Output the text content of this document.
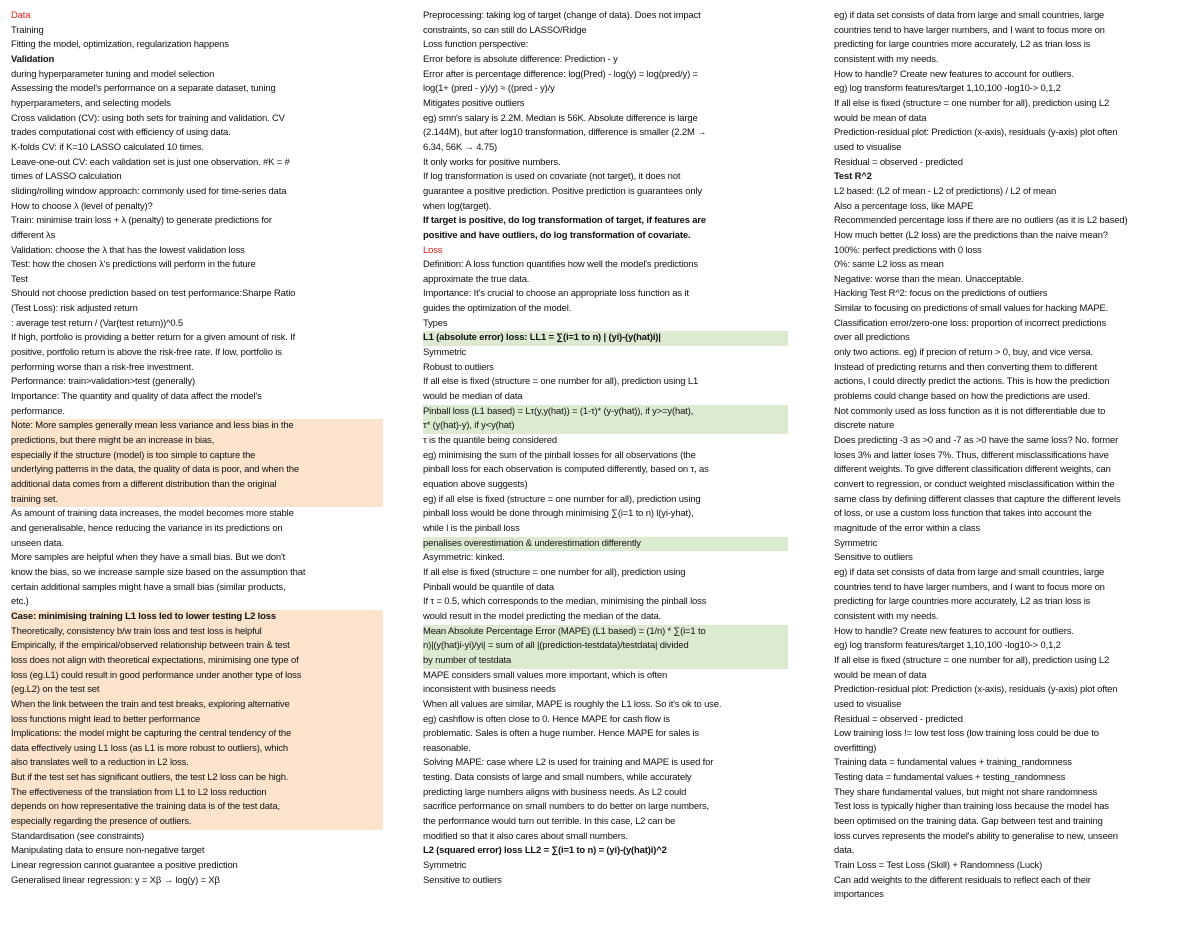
Data
Training
Fitting the model, optimization, regularization happens
Validation
during hyperparameter tuning and model selection
Assessing the model's performance on a separate dataset, tuning
hyperparameters, and selecting models
Cross validation (CV): using both sets for training and validation. CV
trades computational cost with efficiency of using data.
K-folds CV: if K=10 LASSO calculated 10 times.
Leave-one-out CV: each validation set is just one observation. #K = #
times of LASSO calculation
sliding/rolling window approach: commonly used for time-series data
How to choose λ (level of penalty)?
Train: minimise train loss + λ (penalty) to generate predictions for
different λs
Validation: choose the λ that has the lowest validation loss
Test: how the chosen λ's predictions will perform in the future
Test
Should not choose prediction based on test performance:Sharpe Ratio
(Test Loss): risk adjusted return
: average test return / (Var(test return))^0.5
If high, portfolio is providing a better return for a given amount of risk. If
positive, portfolio return is above the risk-free rate. If low, portfolio is
performing worse than a risk-free investment.
Performance: train>validation>test (generally)
Importance: The quantity and quality of data affect the model's
performance.
Note: More samples generally mean less variance and less bias in the
predictions, but there might be an increase in bias,
especially if the structure (model) is too simple to capture the
underlying patterns in the data, the quality of data is poor, and when the
additional data comes from a different distribution than the original
training set.
As amount of training data increases, the model becomes more stable
and generalisable, hence reducing the variance in its predictions on
unseen data.
More samples are helpful when they have a small bias. But we don't
know the bias, so we increase sample size based on the assumption that
certain additional samples might have a small bias (similar products,
etc.)
Case: minimising training L1 loss led to lower testing L2 loss
Theoretically, consistency b/w train loss and test loss is helpful
Empirically, if the empirical/observed relationship between train & test
loss does not align with theoretical expectations, minimising one type of
loss (eg.L1) could result in good performance under another type of loss
(eg.L2) on the test set
When the link between the train and test breaks, exploring alternative
loss functions might lead to better performance
Implications: the model might be capturing the central tendency of the
data effectively using L1 loss (as L1 is more robust to outliers), which
also translates well to a reduction in L2 loss.
But if the test set has significant outliers, the test L2 loss can be high.
The effectiveness of the translation from L1 to L2 loss reduction
depends on how representative the training data is of the test data,
especially regarding the presence of outliers.
Standardisation (see constraints)
Manipulating data to ensure non-negative target
Linear regression cannot guarantee a positive prediction
Generalised linear regression: y = Xβ → log(y) = Xβ
Preprocessing: taking log of target (change of data). Does not impact
constraints, so can still do LASSO/Ridge
Loss function perspective:
Error before is absolute difference: Prediction - y
Error after is percentage difference: log(Pred) - log(y) = log(pred/y) =
log(1+ (pred - y)/y) ≈ ((pred - y)/y
Mitigates positive outliers
eg) smn's salary is 2.2M. Median is 56K. Absolute difference is large
(2.144M), but after log10 transformation, difference is smaller (2.2M →
6.34, 56K → 4.75)
It only works for positive numbers.
If log transformation is used on covariate (not target), it does not
guarantee a positive prediction. Positive prediction is guarantees only
when log(target).
If target is positive, do log transformation of target, if features are
positive and have outliers, do log transformation of covariate.
Loss
Definition: A loss function quantifies how well the model's predictions
approximate the true data.
Importance: It's crucial to choose an appropriate loss function as it
guides the optimization of the model.
Types
L1 (absolute error) loss: LL1 = ∑(i=1 to n) | (yi)-(y(hat)i)|
Symmetric
Robust to outliers
If all else is fixed (structure = one number for all), prediction using L1
would be median of data
Pinball loss (L1 based) = Lτ(y,y(hat)) = (1-τ)* (y-y(hat)), if y>=y(hat),
τ* (y(hat)-y), if y<y(hat)
τ is the quantile being considered
eg) minimising the sum of the pinball losses for all observations (the
pinball loss for each observation is computed differently, based on τ, as
equation above suggests)
eg) if all else is fixed (structure = one number for all), prediction using
pinball loss would be done through minimising ∑(i=1 to n) l(yi-yhat),
while l is the pinball loss
penalises overestimation & underestimation differently
Asymmetric: kinked.
If all else is fixed (structure = one number for all), prediction using
Pinball would be quantile of data
If τ = 0.5, which corresponds to the median, minimising the pinball loss
would result in the model predicting the median of the data.
Mean Absolute Percentage Error (MAPE) (L1 based) = (1/n) * ∑(i=1 to
n)|(y(hat)i-yi)/yi| = sum of all |(prediction-testdata)/testdata| divided
by number of testdata
MAPE considers small values more important, which is often
inconsistent with business needs
When all values are similar, MAPE is roughly the L1 loss. So it's ok to use.
eg) cashflow is often close to 0. Hence MAPE for cash flow is
problematic. Sales is often a huge number. Hence MAPE for sales is
reasonable.
Solving MAPE: case where L2 is used for training and MAPE is used for
testing. Data consists of large and small numbers, while accurately
predicting large numbers aligns with business needs. As L2 could
sacrifice performance on small numbers to do better on large numbers,
the performance would turn out terrible. In this case, L2 can be
modified so that it also cares about small numbers.
L2 (squared error) loss LL2 = ∑(i=1 to n) = (yi)-(y(hat)i)^2
Symmetric
Sensitive to outliers
eg) if data set consists of data from large and small countries, large
countries tend to have larger numbers, and I want to focus more on
predicting for large countries more accurately, L2 as trian loss is
consistent with my needs.
How to handle? Create new features to account for outliers.
eg) log transform features/target 1,10,100 -log10-> 0,1,2
If all else is fixed (structure = one number for all), prediction using L2
would be mean of data
Prediction-residual plot: Prediction (x-axis), residuals (y-axis) plot often
used to visualise
Residual = observed - predicted
Test R^2
L2 based: (L2 of mean - L2 of predictions) / L2 of mean
Also a percentage loss, like MAPE
Recommended percentage loss if there are no outliers (as it is L2 based)
How much better (L2 loss) are the predictions than the naive mean?
100%: perfect predictions with 0 loss
0%: same L2 loss as mean
Negative: worse than the mean. Unacceptable.
Hacking Test R^2: focus on the predictions of outliers
Similar to focusing on predictions of small values for hacking MAPE.
Classification error/zero-one loss: proportion of incorrect predictions
over all predictions
only two actions. eg) if precion of return > 0, buy, and vice versa.
Instead of predicting returns and then converting them to different
actions, I could directly predict the actions. This is how the prediction
problems could change based on how the predictions are used.
Not commonly used as loss function as it is not differentiable due to
discrete nature
Does predicting -3 as >0 and -7 as >0 have the same loss? No. former
loses 3% and latter loses 7%. Thus, different misclassifications have
different weights. To give different classification different weights, can
convert to regression, or conduct weighted misclassification within the
same class by defining different classes that capture the different levels
of loss, or use a custom loss function that takes into account the
magnitude of the error within a class
Symmetric
Sensitive to outliers
eg) if data set consists of data from large and small countries, large
countries tend to have larger numbers, and I want to focus more on
predicting for large countries more accurately, L2 as trian loss is
consistent with my needs.
How to handle? Create new features to account for outliers.
eg) log transform features/target 1,10,100 -log10-> 0,1,2
If all else is fixed (structure = one number for all), prediction using L2
would be mean of data
Prediction-residual plot: Prediction (x-axis), residuals (y-axis) plot often
used to visualise
Residual = observed - predicted
Low training loss != low test loss (low training loss could be due to
overfitting)
Training data = fundamental values + training_randomness
Testing data = fundamental values + testing_randomness
They share fundamental values, but might not share randomness
Test loss is typically higher than training loss because the model has
been optimised on the training data. Gap between test and training
loss curves represents the model's ability to generalise to new, unseen
data.
Train Loss = Test Loss (Skill) + Randomness (Luck)
Can add weights to the different residuals to reflect each of their
importances
